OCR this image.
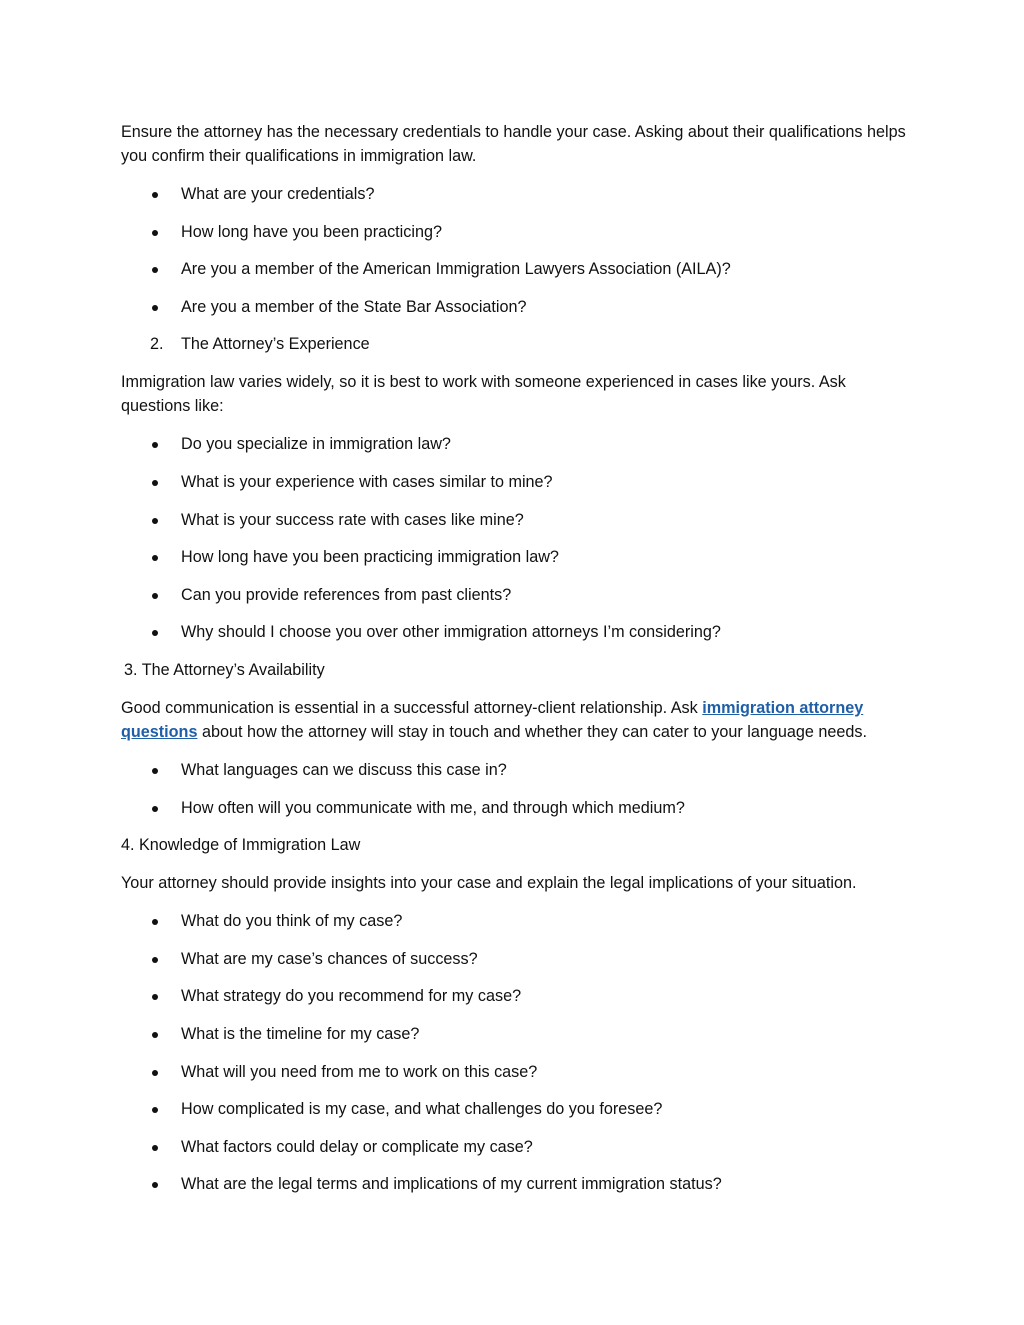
Ensure the attorney has the necessary credentials to handle your case. Asking about their qualifications helps you confirm their qualifications in immigration law.

What are your credentials?
How long have you been practicing?
Are you a member of the American Immigration Lawyers Association (AILA)?
Are you a member of the State Bar Association?
2. The Attorney’s Experience

Immigration law varies widely, so it is best to work with someone experienced in cases like yours. Ask questions like:

Do you specialize in immigration law?
What is your experience with cases similar to mine?
What is your success rate with cases like mine?
How long have you been practicing immigration law?
Can you provide references from past clients?
Why should I choose you over other immigration attorneys I’m considering?

3. The Attorney’s Availability

Good communication is essential in a successful attorney-client relationship. Ask immigration attorney questions about how the attorney will stay in touch and whether they can cater to your language needs.

What languages can we discuss this case in?
How often will you communicate with me, and through which medium?

4. Knowledge of Immigration Law

Your attorney should provide insights into your case and explain the legal implications of your situation.

What do you think of my case?
What are my case’s chances of success?
What strategy do you recommend for my case?
What is the timeline for my case?
What will you need from me to work on this case?
How complicated is my case, and what challenges do you foresee?
What factors could delay or complicate my case?
What are the legal terms and implications of my current immigration status?
